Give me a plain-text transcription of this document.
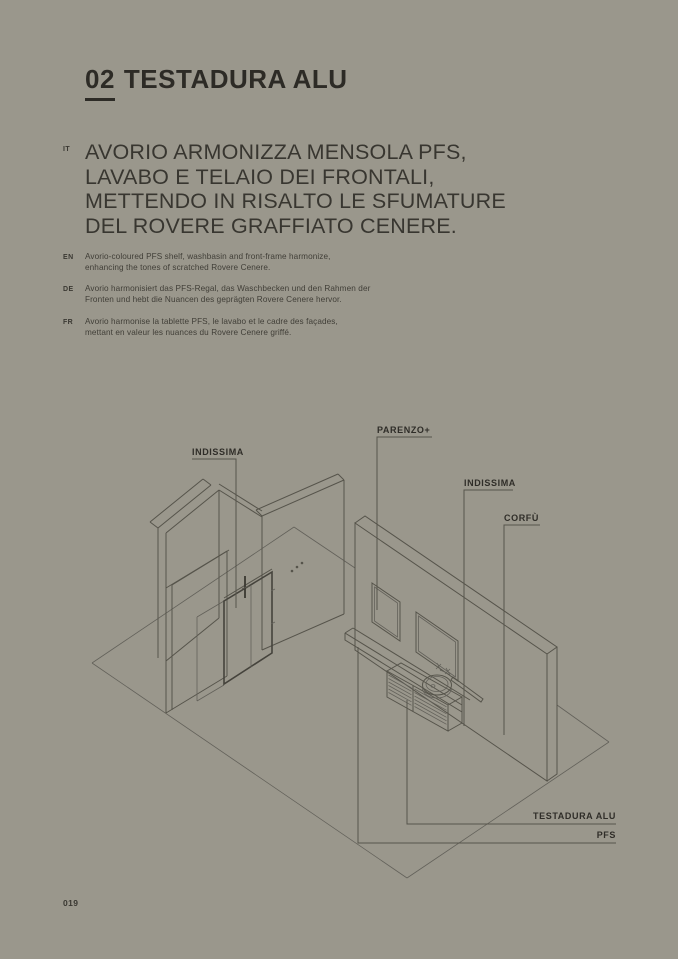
02 TESTADURA ALU
IT AVORIO ARMONIZZA MENSOLA PFS,
LAVABO E TELAIO DEI FRONTALI,
METTENDO IN RISALTO LE SFUMATURE
DEL ROVERE GRAFFIATO CENERE.
EN Avorio-coloured PFS shelf, washbasin and front-frame harmonize,
enhancing the tones of scratched Rovere Cenere.
DE Avorio harmonisiert das PFS-Regal, das Waschbecken und den Rahmen der
Fronten und hebt die Nuancen des geprägten Rovere Cenere hervor.
FR Avorio harmonise la tablette PFS, le lavabo et le cadre des façades,
mettant en valeur les nuances du Rovere Cenere griffé.
INDISSIMA
PARENZO+
INDISSIMA
CORFÙ
TESTADURA ALU
PFS
019
